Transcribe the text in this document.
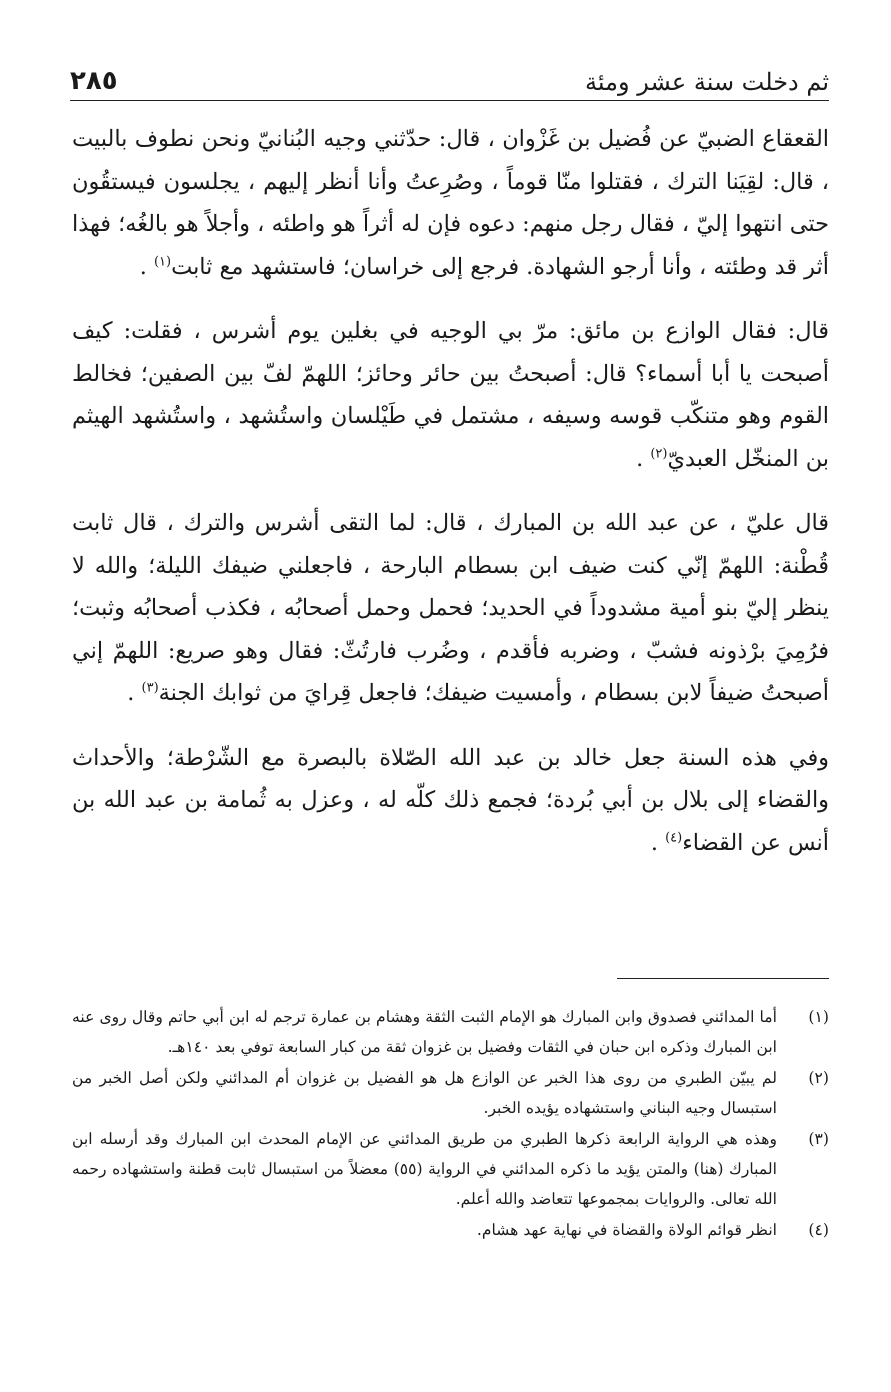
ثم دخلت سنة عشر ومئة
٢٨٥

القعقاع الضبيّ عن فُضيل بن غَزْوان ، قال: حدّثني وجيه البُنانيّ ونحن نطوف بالبيت ، قال: لقِيَنا الترك ، فقتلوا منّا قوماً ، وصُرِعتُ وأنا أنظر إليهم ، يجلسون فيستقُون حتى انتهوا إليّ ، فقال رجل منهم: دعوه فإن له أثراً هو واطئه ، وأجلاً هو بالغُه؛ فهذا أثر قد وطئته ، وأنا أرجو الشهادة. فرجع إلى خراسان؛ فاستشهد مع ثابت$^{(١)}$ .

قال: فقال الوازع بن مائق: مرّ بي الوجيه في بغلين يوم أشرس ، فقلت: كيف أصبحت يا أبا أسماء؟ قال: أصبحتُ بين حائر وحائز؛ اللهمّ لفّ بين الصفين؛ فخالط القوم وهو متنكّب قوسه وسيفه ، مشتمل في طَيْلسان واستُشهد ، واستُشهد الهيثم بن المنخّل العبديّ$^{(٢)}$ .

قال عليّ ، عن عبد الله بن المبارك ، قال: لما التقى أشرس والترك ، قال ثابت قُطْنة: اللهمّ إنّي كنت ضيف ابن بسطام البارحة ، فاجعلني ضيفك الليلة؛ والله لا ينظر إليّ بنو أمية مشدوداً في الحديد؛ فحمل وحمل أصحابُه ، فكذب أصحابُه وثبت؛ فرُمِيَ برْذونه فشبّ ، وضربه فأقدم ، وضُرب فارتُثّ: فقال وهو صريع: اللهمّ إني أصبحتُ ضيفاً لابن بسطام ، وأمسيت ضيفك؛ فاجعل قِرايَ من ثوابك الجنة$^{(٣)}$ .

وفي هذه السنة جعل خالد بن عبد الله الصّلاة بالبصرة مع الشّرْطة؛ والأحداث والقضاء إلى بلال بن أبي بُردة؛ فجمع ذلك كلّه له ، وعزل به ثُمامة بن عبد الله بن أنس عن القضاء$^{(٤)}$ .

(١)
أما المدائني فصدوق وابن المبارك هو الإمام الثبت الثقة وهشام بن عمارة ترجم له ابن أبي حاتم وقال روى عنه ابن المبارك وذكره ابن حبان في الثقات وفضيل بن غزوان ثقة من كبار السابعة توفي بعد ١٤٠هـ.
(٢)
لم يبيّن الطبري من روى هذا الخبر عن الوازع هل هو الفضيل بن غزوان أم المدائني ولكن أصل الخبر من استبسال وجيه البناني واستشهاده يؤيده الخبر.
(٣)
وهذه هي الرواية الرابعة ذكرها الطبري من طريق المدائني عن الإمام المحدث ابن المبارك وقد أرسله ابن المبارك (هنا) والمتن يؤيد ما ذكره المدائني في الرواية (٥٥) معضلاً من استبسال ثابت قطنة واستشهاده رحمه الله تعالى. والروايات بمجموعها تتعاضد والله أعلم.
(٤)
انظر قوائم الولاة والقضاة في نهاية عهد هشام.
